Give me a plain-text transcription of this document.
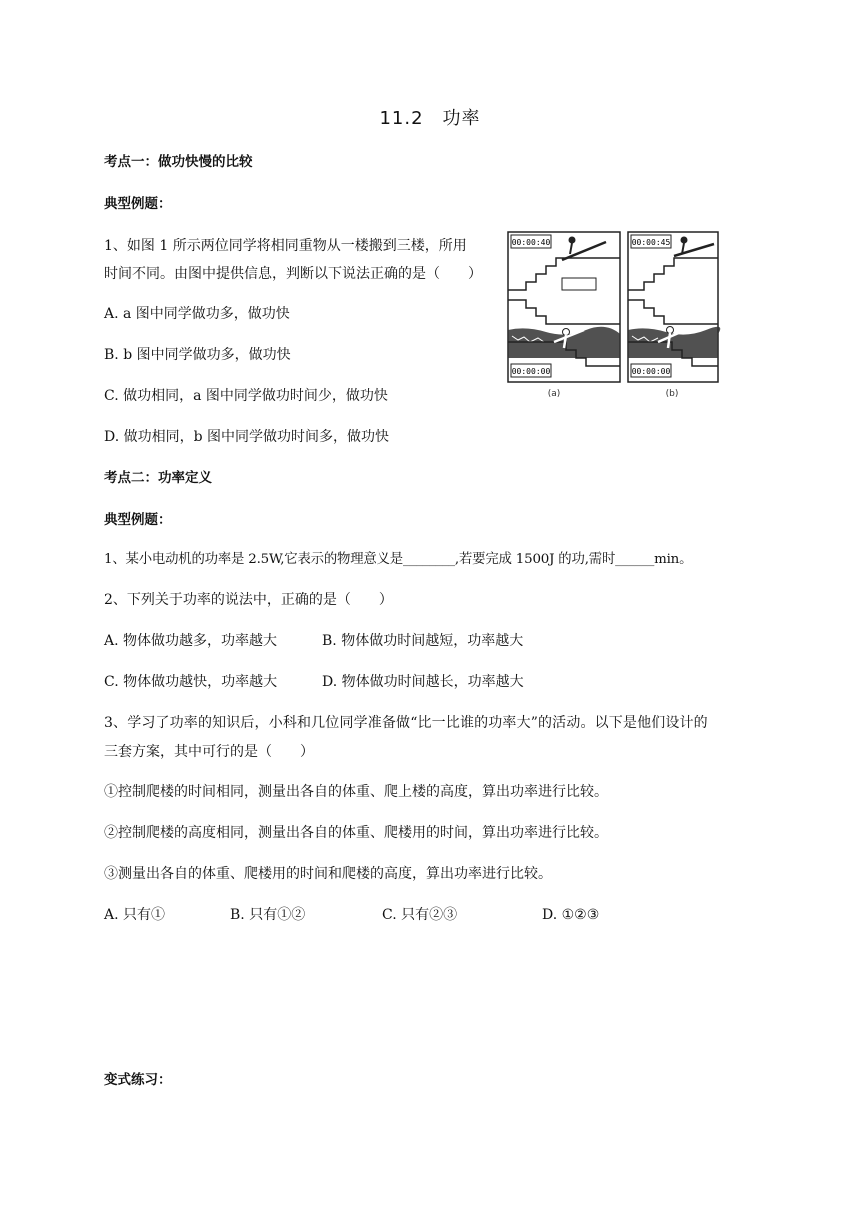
11.2　功率
考点一：做功快慢的比较
典型例题：
1、如图 1 所示两位同学将相同重物从一楼搬到三楼，所用
时间不同。由图中提供信息，判断以下说法正确的是（　　）
A. a 图中同学做功多，做功快
B. b 图中同学做功多，做功快
C. 做功相同，a 图中同学做功时间少，做功快
D. 做功相同，b 图中同学做功时间多，做功快
00:00:40
00:00:00
(a)
00:00:45
00:00:00
(b)
考点二：功率定义
典型例题：
1、某小电动机的功率是 2.5W,它表示的物理意义是________,若要完成 1500J 的功,需时______min。
2、下列关于功率的说法中，正确的是（　　）
A. 物体做功越多，功率越大	B. 物体做功时间越短，功率越大
C. 物体做功越快，功率越大	D. 物体做功时间越长，功率越大
3、学习了功率的知识后，小科和几位同学准备做“比一比谁的功率大”的活动。以下是他们设计的
三套方案，其中可行的是（　　）
①控制爬楼的时间相同，测量出各自的体重、爬上楼的高度，算出功率进行比较。
②控制爬楼的高度相同，测量出各自的体重、爬楼用的时间，算出功率进行比较。
③测量出各自的体重、爬楼用的时间和爬楼的高度，算出功率进行比较。
A. 只有①	B. 只有①②	C. 只有②③	D. ①②③
变式练习：
